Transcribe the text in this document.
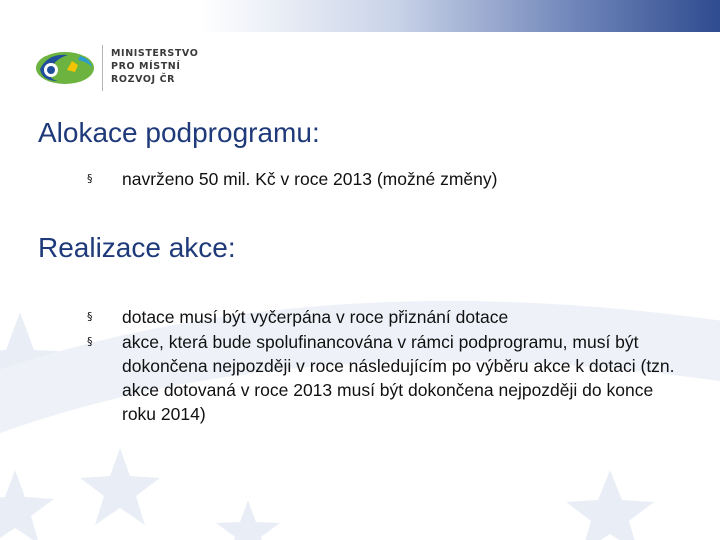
MINISTERSTVO
PRO MÍSTNÍ
ROZVOJ ČR
Alokace podprogramu:
§	navrženo 50 mil. Kč v roce 2013 (možné změny)
Realizace akce:
§	dotace musí být vyčerpána v roce přiznání dotace
§	akce, která bude spolufinancována v rámci podprogramu, musí být dokončena nejpozději v roce následujícím po výběru akce k dotaci (tzn. akce dotovaná v roce 2013 musí být dokončena nejpozději do konce roku 2014)
